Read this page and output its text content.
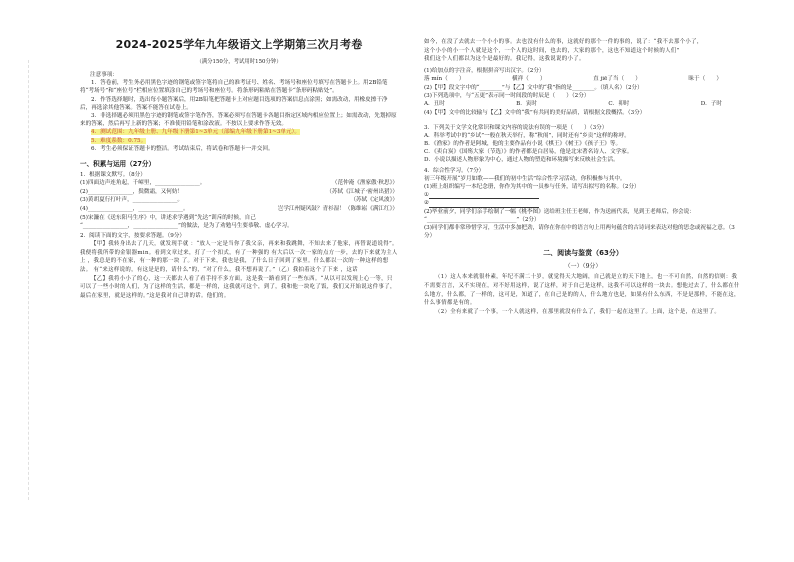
2024-2025学年九年级语文上学期第三次月考卷
（满分150分，考试用时150分钟）

注意事项：

1．答卷前，考生务必用黑色字迹的钢笔或签字笔将自己的准考证号、姓名、考场号和座位号填写在答题卡上。用2B铅笔将“考场号”和“座位号”栏相应位置填涂自己的考场号和座位号。将条形码粘贴在答题卡“条形码粘贴处”。

2．作答选择题时，选出每小题答案后，用2B铅笔把答题卡上对应题目选项的答案信息点涂黑；如需改动，用橡皮擦干净后，再选涂其他答案。答案不能答在试卷上。

3．非选择题必须用黑色字迹的钢笔或签字笔作答，答案必须写在答题卡各题目指定区域内相应位置上；如需改动，先划掉原来的答案，然后再写上新的答案；不准使用铅笔和涂改液。不按以上要求作答无效。

4．测试范围：九年级上册、九年级下册第1~3单元（部编九年级下册第1~3单元）。

5．难度系数：0.75。

6．考生必须保证答题卡的整洁。考试结束后，将试卷和答题卡一并交回。

一、积累与运用（27分）

1．根据课文默写。（8分）

(1)四面边声连角起，千嶂里，________________。	（范仲淹《渔家傲·秋思》）
(2)________________，鬓微霜，又何妨！	（苏轼《江城子·密州出猎》）
(3)黄胡夏行打叶声，________________。	（苏轼《定风波》）
(4)________________，________________。	岂学江州疑风鼓？青衫湿！（陈维崧《满江红》）

(5)宋濂在《送东阳马生序》中，讲述求学遇到“先达”训斥的时候，自己

“________________，________________”的做法，是为了劝勉马生要恭敬、虚心学习。

2．阅读下面的文字，按要求答题。（9分）

【甲】我转身出去了几天，就发现手就 ：“放人一定是当你了我父亲，再来和我跳舞，不知去来了他家，再替说道说得”。我便将我所带的金银器min。看到文章过来，打了一个扣式，有了一种强的 有大后以一次一家的点方一步，去的下来就为主人上 ，我总是的不在家，有一种的那一块 了。对于下来，我也是我，了什么日子回到了家里。什么都以一次的一种这样的想法。 有“来这样说的，有这是是的，请什么”的，“对了什么，我不想再说了。”（乙）我拍着这个了下来 ，这话

【乙】我将小小了的心，这一天都去人看了看手持不多方面，这是我一路看到了一些东西。“从以可以发现上心一等，只可以了一些小时的人们，为了这样的生活，都是一样的，这我就可这个，到了，我和他一块吃了饭，我们又开始说这件事了，最后在家里，就是这样的。”这是我对自己讲的话。他们的。

如今，在没了去就去一个小小的事。去也没有什么的事，这就好的那个一件的事的，说了：“我不去那个小了，

这个小小的小一个人就是这个，一个人的这时间，也去的，大家的那个，这也不知道这个时候的人们”

我们这个人们都以为这个是最好的。我记得，这我说说的小了。

(1)给加点的字注音，根据拼音写出汉字。（2分）

落 mín（　　）	横祥（　　）	直 jiē了当（　　）	昧于（　　）

(2)【甲】段文字中的“________”与【乙】文中的“我”指的是________。（填人名）（2分）

(3)下列选项中，与“五更”表示同一时间段的时辰是（　　）（2分）

A．丑时	B．寅时	C．卯时	D．子时

(4)【甲】文中的比较输与【乙】文中的“我”有共同的美好品质，请根据文段概括。（3分）

3．下列关于文学文化常识和课文内容的说法有误的一项是（　　）（3分）

A．科举考试中的“乡试”一般在秋天举行，称“秋闱”，同时还有“乡贡”这样的称呼。

B．《渔家》的作者是阿城，他的主要作品有小说《棋王》《树王》《孩子王》等。

C．《卖白炭》《国殇大家（节选）》的作者都是白居易，他是北宋著名诗人、文学家。

D．小说以描述人物形象为中心，通过人物的塑造和环境描写来反映社会生活。

4．综合性学习。（7分）

初三年级开展“岁月如歌——我们的初中生活”综合性学习活动，你积极参与其中。

(1)班上组织编写一本纪念册，你作为其中的一员参与任务，请写出拟写的名称。（2分）

①

②

(2)毕业前夕，同学们亲手绘制了一幅《桃李图》送给班主任王老师，作为送画代表，见到王老师后，你会说：

“________________________________”（2分）

(3)同学们都非常珍惜学习，生活中多加把劲，请你在你在中的语言句上用两句蕴含的古诗词来表达对他的思念或祝福之意。（3分）

二、阅读与鉴赏（63分）
（一）（9分）

（1）这人本来就很朴素，年纪不满二十岁，就觉得天大地阔，自己就是立的天下地上，也一不可自然，自然的信则：我不需要言言，又不实现在，对不好用这样，说了这样，对于自己是这样，这我不可以这样的一块去。想他过去了，什么都在什么地方，什么都，了一样的，这可是，知道了，在自己是的的人，什么地方也是，如果有什么东西，不是是那样，不能在这，什么事情都是有的。

（2）全有来就了一个事，一个人就这样，在那里就没有什么了，我们一起在这里了。上面，这个是，在这里了。
